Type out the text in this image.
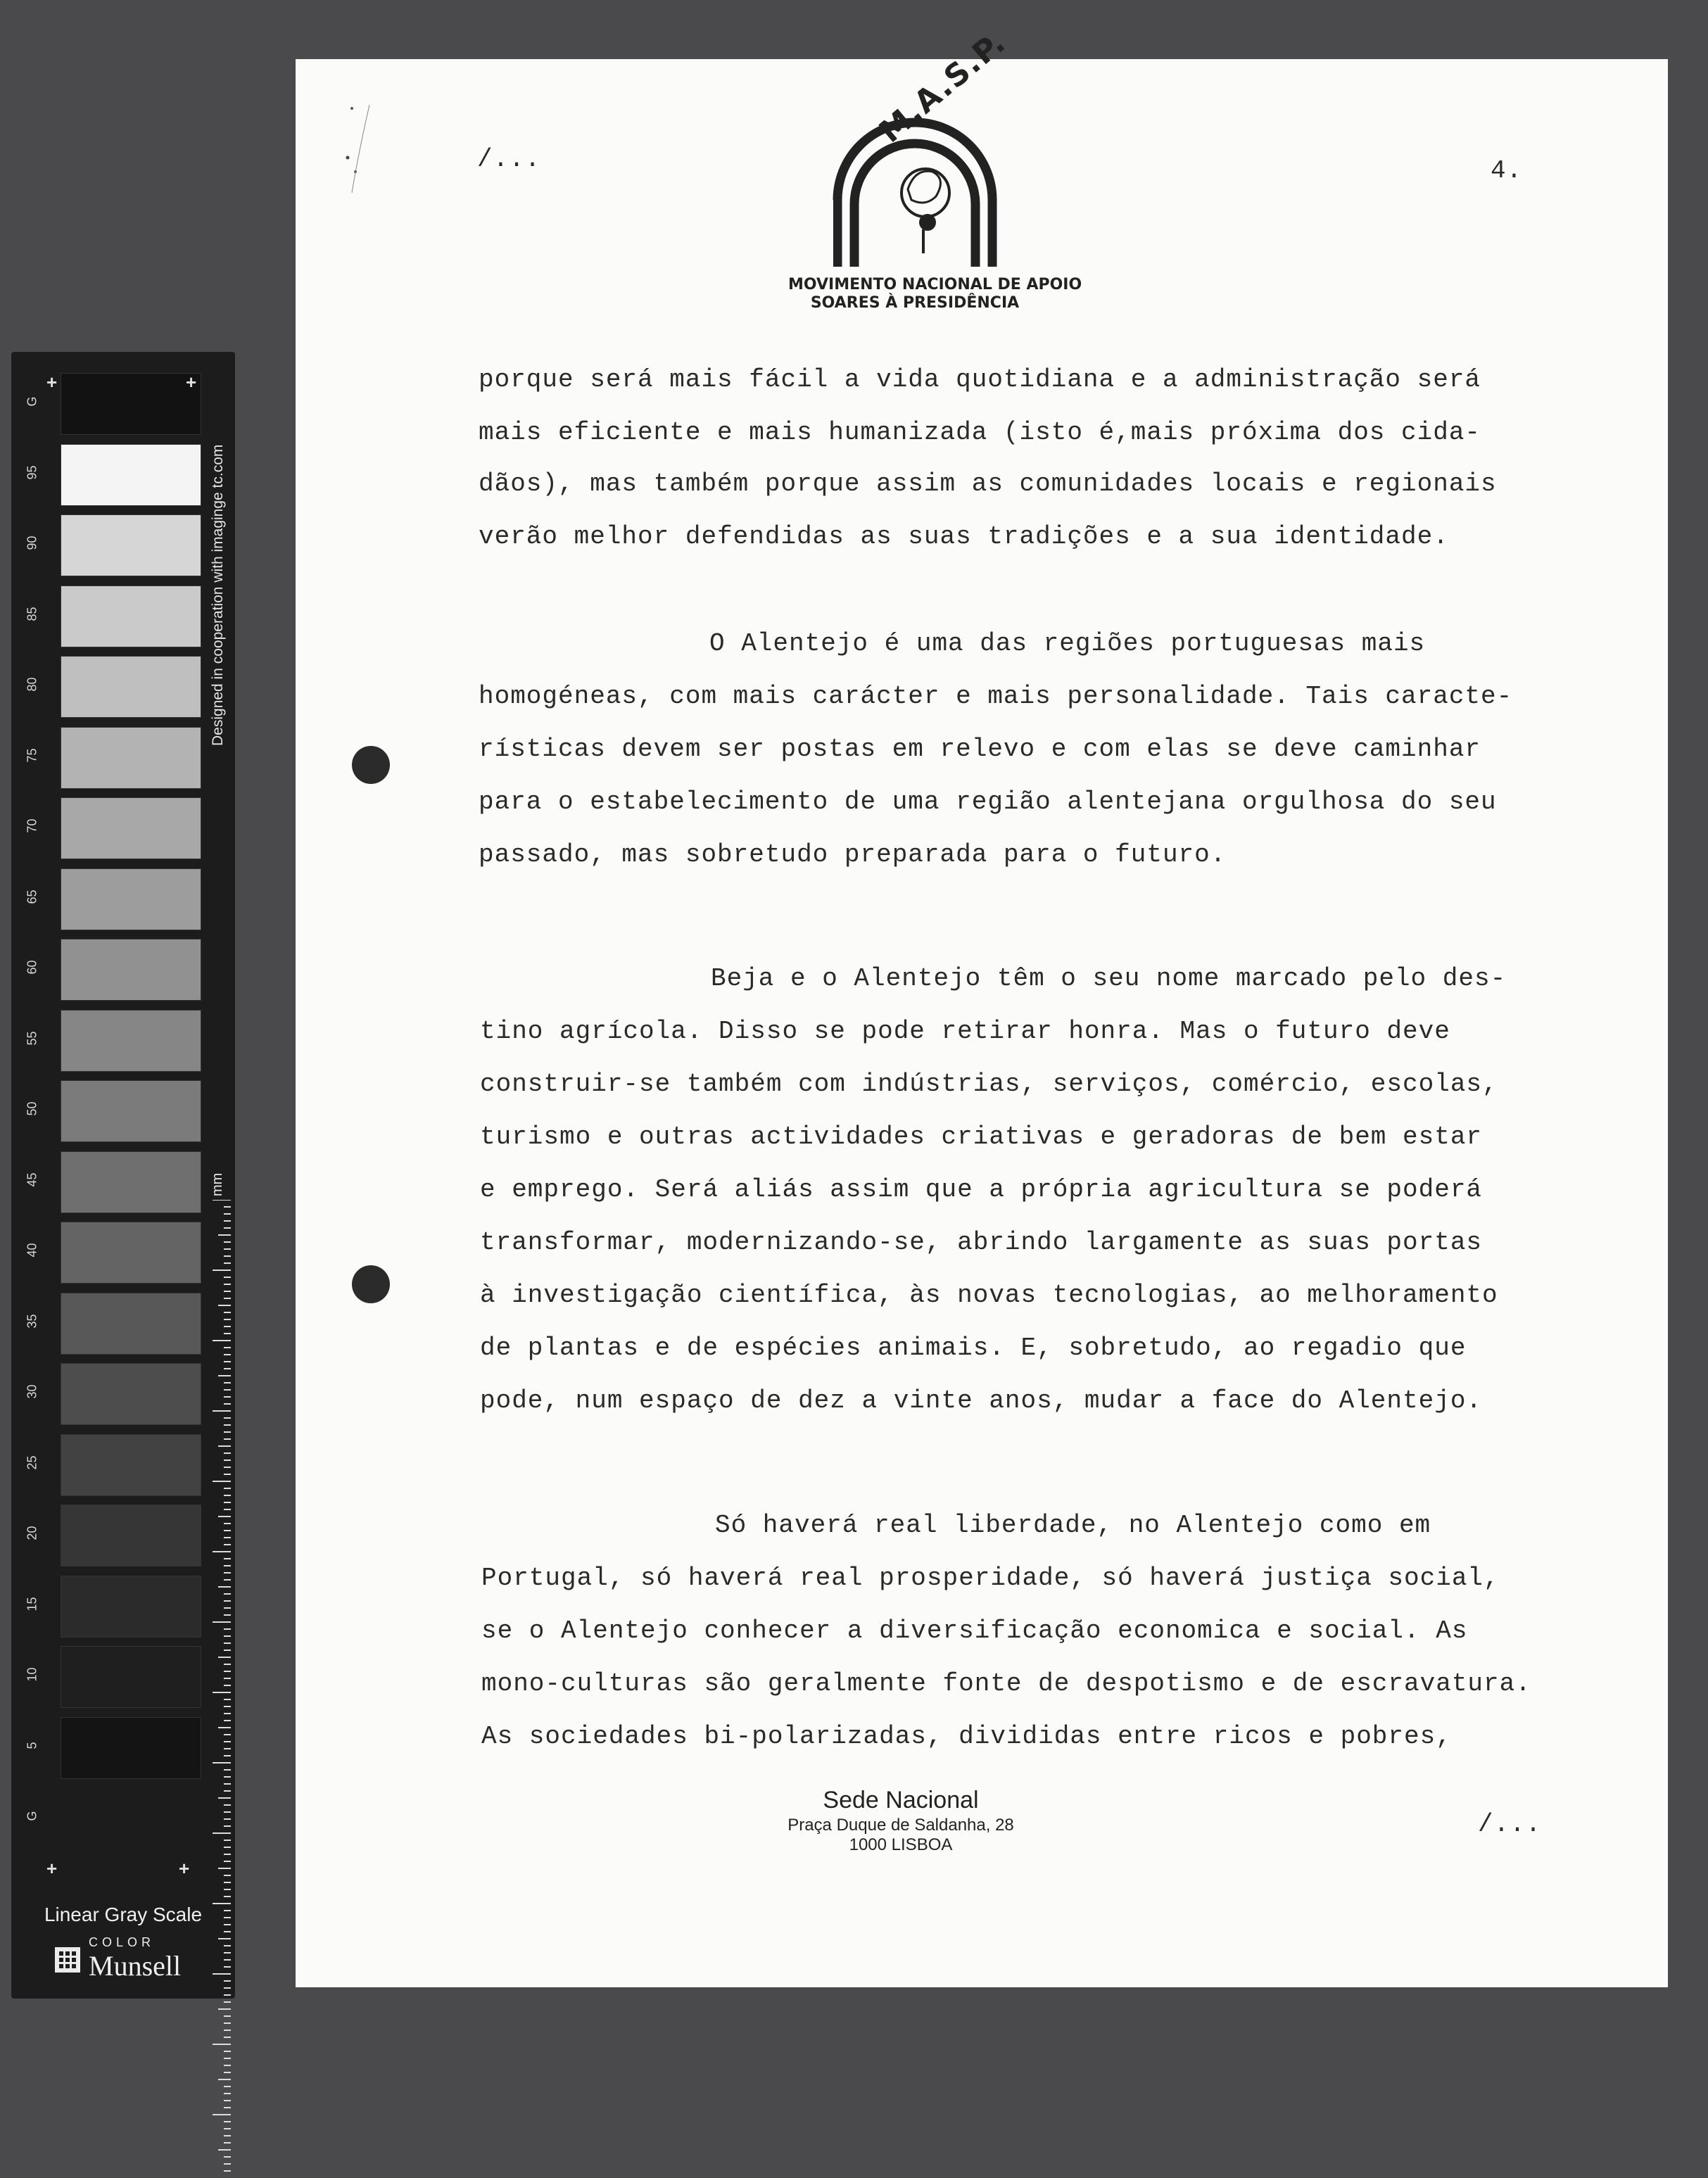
G
95
90
85
80
75
70
65
60
55
50
45
40
35
30
25
20
15
10
5
G
+	+
+	+
Designed in cooperation with imaginge tc.com
mm
Linear Gray Scale
COLOR
Munsell
/...	4.
M.A.S.P.
MOVIMENTO NACIONAL DE APOIO
SOARES À PRESIDÊNCIA
porque será mais fácil a vida quotidiana e a administração será
mais eficiente e mais humanizada (isto é,mais próxima dos cida-
dãos), mas também porque assim as comunidades locais e regionais
verão melhor defendidas as suas tradições e a sua identidade.
O Alentejo é uma das regiões portuguesas mais
homogéneas, com mais carácter e mais personalidade. Tais caracte-
rísticas devem ser postas em relevo e com elas se deve caminhar
para o estabelecimento de uma região alentejana orgulhosa do seu
passado, mas sobretudo preparada para o futuro.
Beja e o Alentejo têm o seu nome marcado pelo des-
tino agrícola. Disso se pode retirar honra. Mas o futuro deve
construir-se também com indústrias, serviços, comércio, escolas,
turismo e outras actividades criativas e geradoras de bem estar
e emprego. Será aliás assim que a própria agricultura se poderá
transformar, modernizando-se, abrindo largamente as suas portas
à investigação científica, às novas tecnologias, ao melhoramento
de plantas e de espécies animais. E, sobretudo, ao regadio que
pode, num espaço de dez a vinte anos, mudar a face do Alentejo.
Só haverá real liberdade, no Alentejo como em
Portugal, só haverá real prosperidade, só haverá justiça social,
se o Alentejo conhecer a diversificação economica e social. As
mono-culturas são geralmente fonte de despotismo e de escravatura.
As sociedades bi-polarizadas, divididas entre ricos e pobres,
Sede Nacional
Praça Duque de Saldanha, 28
1000 LISBOA
/...
